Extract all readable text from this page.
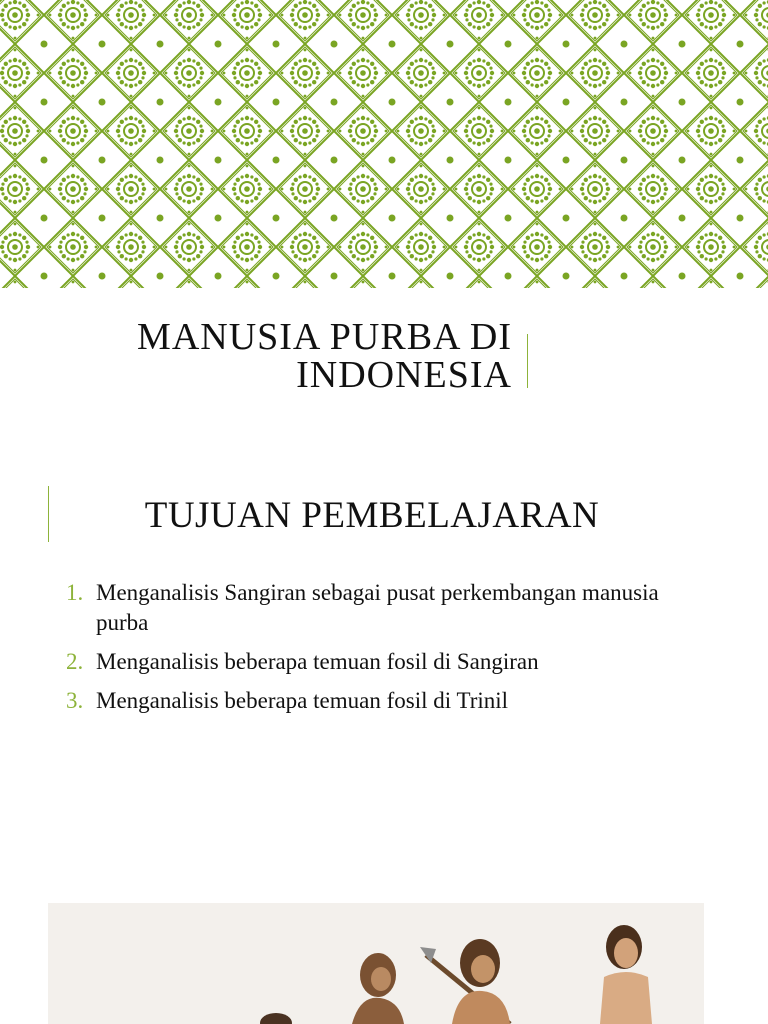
MANUSIA PURBA DI
INDONESIA
TUJUAN PEMBELAJARAN
1. Menganalisis Sangiran sebagai pusat perkembangan manusia purba
2. Menganalisis beberapa temuan fosil di Sangiran
3. Menganalisis beberapa temuan fosil di Trinil
